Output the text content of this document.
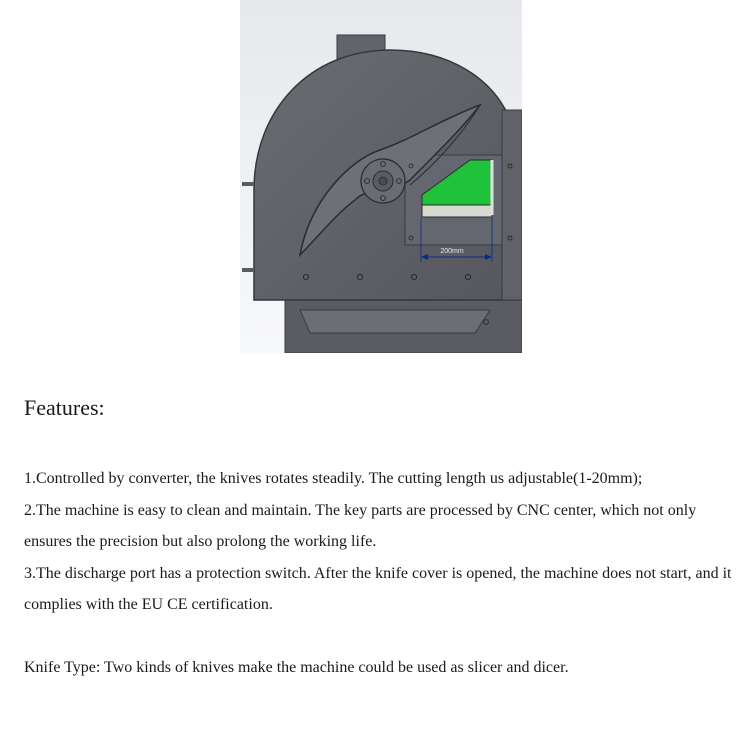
200mm
Features:
1.Controlled by converter, the knives rotates steadily. The cutting length us adjustable(1-20mm);
2.The machine is easy to clean and maintain. The key parts are processed by CNC center, which not only ensures the precision but also prolong the working life.
3.The discharge port has a protection switch. After the knife cover is opened, the machine does not start, and it complies with the EU CE certification.

Knife Type: Two kinds of knives make the machine could be used as slicer and dicer.
